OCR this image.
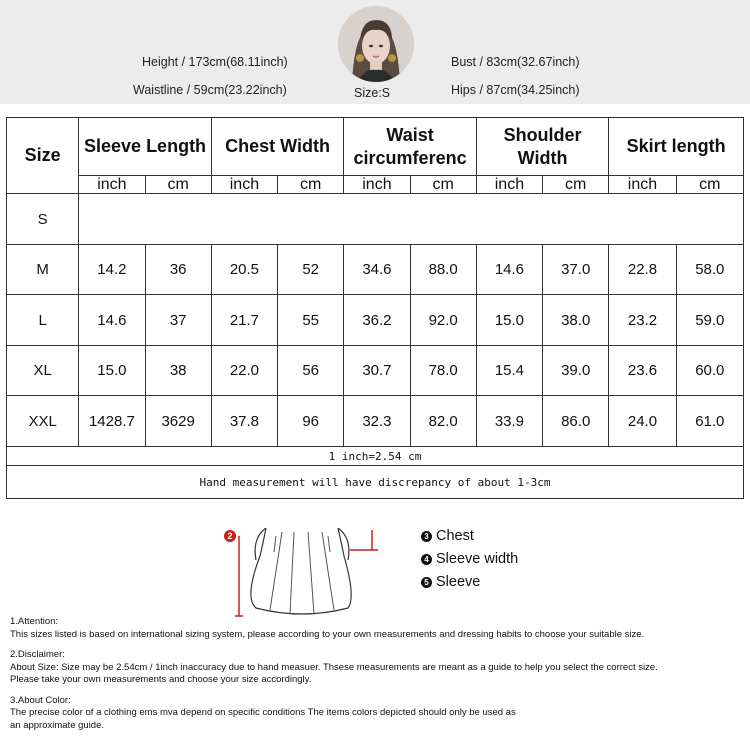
Height / 173cm(68.11inch)	Bust / 83cm(32.67inch)
Waistline / 59cm(23.22inch)	Size:S	Hips / 87cm(34.25inch)
Size	Sleeve Length		Chest Width		Waist circumferenc		Shoulder Width		Skirt length	
	inch	cm	inch	cm	inch	cm	inch	cm	inch	cm
S										
M	14.2	36	20.5	52	34.6	88.0	14.6	37.0	22.8	58.0
L	14.6	37	21.7	55	36.2	92.0	15.0	38.0	23.2	59.0
XL	15.0	38	22.0	56	30.7	78.0	15.4	39.0	23.6	60.0
XXL	1428.7	3629	37.8	96	32.3	82.0	33.9	86.0	24.0	61.0
1 inch=2.54 cm										
Hand measurement will have discrepancy of about 1-3cm										
2	3 Chest
4 Sleeve width
5 Sleeve

1.Attention:

This sizes listed is based on international sizing system, please according to your own measurements and dressing habits to choose your suitable size.

2.Disclaimer:

About Size: Size may be 2.54cm / 1inch inaccuracy due to hand measuer. Thsese measurements are meant as a guide to help you select the correct size.

Please take your own measurements and choose your size accordingly.

3.About Color:

The precise color of a clothing ems mva depend on specific conditions The items colors depicted should only be used as

an approximate guide.
